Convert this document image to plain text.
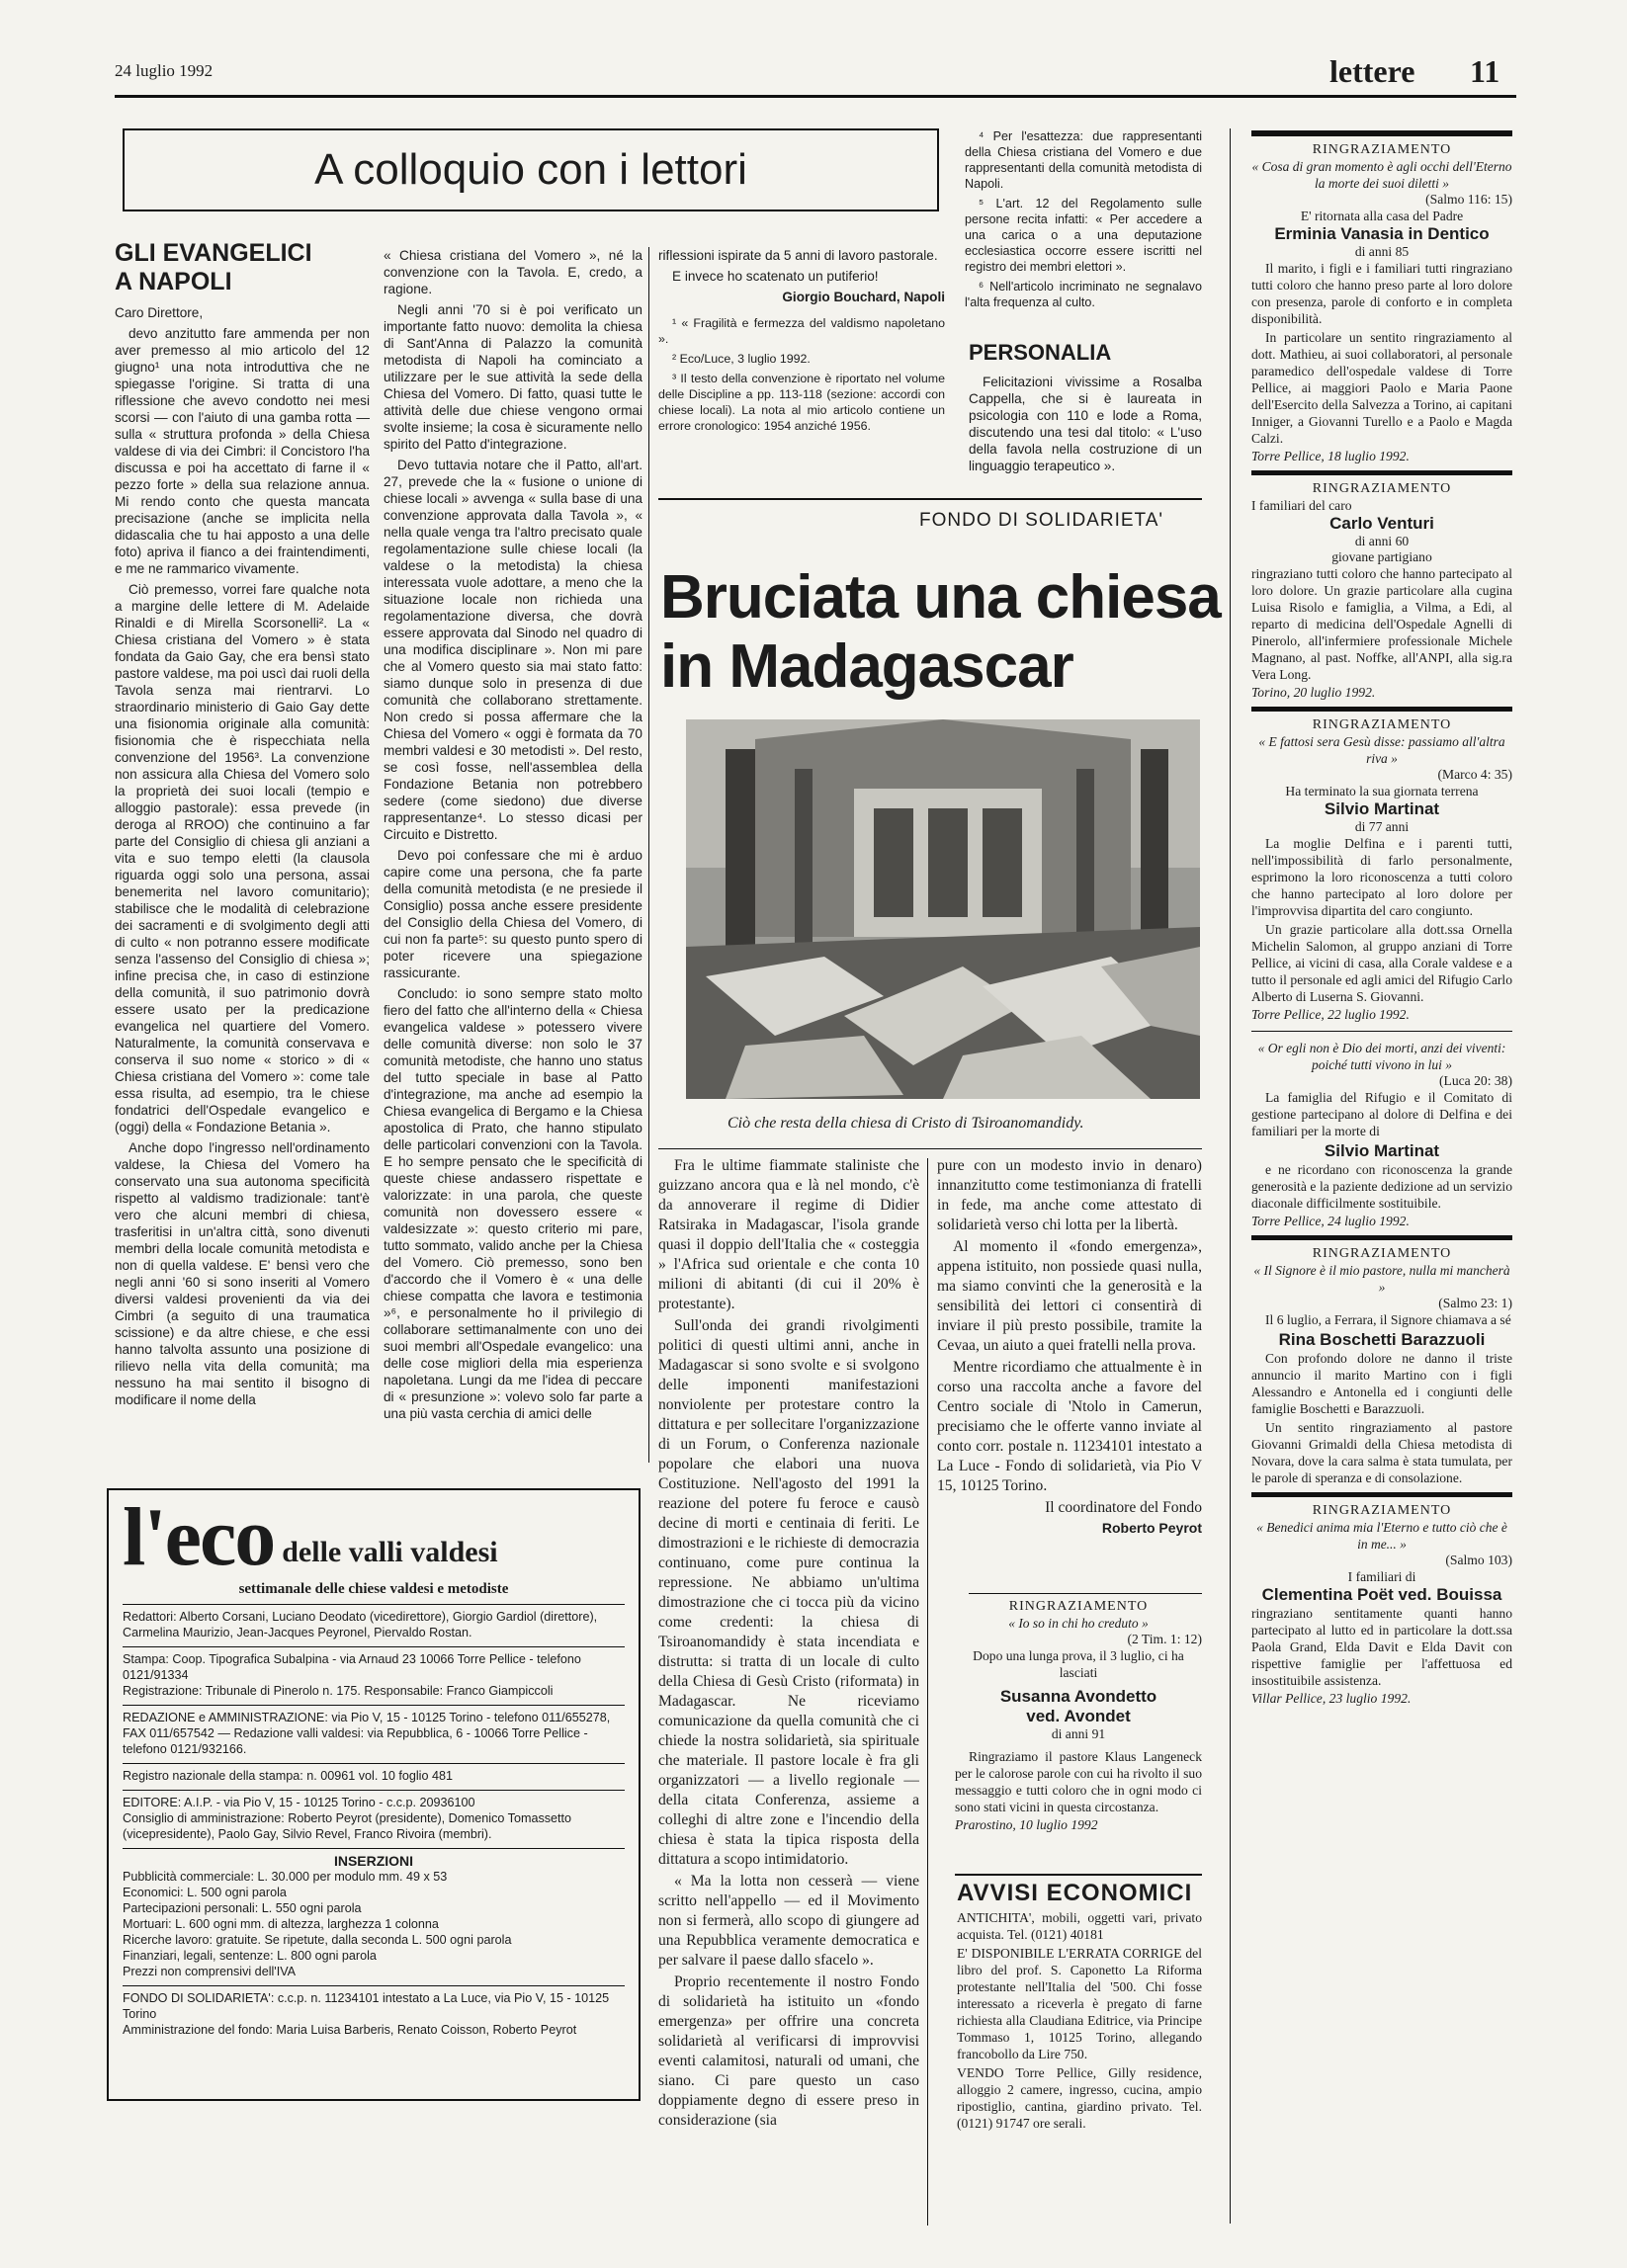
24 luglio 1992	lettere 11
A colloquio con i lettori
GLI EVANGELICI
A NAPOLI

Caro Direttore,

devo anzitutto fare ammenda per non aver premesso al mio articolo del 12 giugno¹ una nota introduttiva che ne spiegasse l'origine. Si tratta di una riflessione che avevo condotto nei mesi scorsi — con l'aiuto di una gamba rotta — sulla « struttura profonda » della Chiesa valdese di via dei Cimbri: il Concistoro l'ha discussa e poi ha accettato di farne il « pezzo forte » della sua relazione annua. Mi rendo conto che questa mancata precisazione (anche se implicita nella didascalia che tu hai apposto a una delle foto) apriva il fianco a dei fraintendimenti, e me ne rammarico vivamente.

Ciò premesso, vorrei fare qualche nota a margine delle lettere di M. Adelaide Rinaldi e di Mirella Scorsonelli². La « Chiesa cristiana del Vomero » è stata fondata da Gaio Gay, che era bensì stato pastore valdese, ma poi uscì dai ruoli della Tavola senza mai rientrarvi. Lo straordinario ministerio di Gaio Gay dette una fisionomia originale alla comunità: fisionomia che è rispecchiata nella convenzione del 1956³. La convenzione non assicura alla Chiesa del Vomero solo la proprietà dei suoi locali (tempio e alloggio pastorale): essa prevede (in deroga al RROO) che continuino a far parte del Consiglio di chiesa gli anziani a vita e suo tempo eletti (la clausola riguarda oggi solo una persona, assai benemerita nel lavoro comunitario); stabilisce che le modalità di celebrazione dei sacramenti e di svolgimento degli atti di culto « non potranno essere modificate senza l'assenso del Consiglio di chiesa »; infine precisa che, in caso di estinzione della comunità, il suo patrimonio dovrà essere usato per la predicazione evangelica nel quartiere del Vomero. Naturalmente, la comunità conservava e conserva il suo nome « storico » di « Chiesa cristiana del Vomero »: come tale essa risulta, ad esempio, tra le chiese fondatrici dell'Ospedale evangelico e (oggi) della « Fondazione Betania ».

Anche dopo l'ingresso nell'ordinamento valdese, la Chiesa del Vomero ha conservato una sua autonoma specificità rispetto al valdismo tradizionale: tant'è vero che alcuni membri di chiesa, trasferitisi in un'altra città, sono divenuti membri della locale comunità metodista e non di quella valdese. E' bensì vero che negli anni '60 si sono inseriti al Vomero diversi valdesi provenienti da via dei Cimbri (a seguito di una traumatica scissione) e da altre chiese, e che essi hanno talvolta assunto una posizione di rilievo nella vita della comunità; ma nessuno ha mai sentito il bisogno di modificare il nome della

« Chiesa cristiana del Vomero », né la convenzione con la Tavola. E, credo, a ragione.

Negli anni '70 si è poi verificato un importante fatto nuovo: demolita la chiesa di Sant'Anna di Palazzo la comunità metodista di Napoli ha cominciato a utilizzare per le sue attività la sede della Chiesa del Vomero. Di fatto, quasi tutte le attività delle due chiese vengono ormai svolte insieme; la cosa è sicuramente nello spirito del Patto d'integrazione.

Devo tuttavia notare che il Patto, all'art. 27, prevede che la « fusione o unione di chiese locali » avvenga « sulla base di una convenzione approvata dalla Tavola », « nella quale venga tra l'altro precisato quale regolamentazione sulle chiese locali (la valdese o la metodista) la chiesa interessata vuole adottare, a meno che la situazione locale non richieda una regolamentazione diversa, che dovrà essere approvata dal Sinodo nel quadro di una modifica disciplinare ». Non mi pare che al Vomero questo sia mai stato fatto: siamo dunque solo in presenza di due comunità che collaborano strettamente. Non credo si possa affermare che la Chiesa del Vomero « oggi è formata da 70 membri valdesi e 30 metodisti ». Del resto, se così fosse, nell'assemblea della Fondazione Betania non potrebbero sedere (come siedono) due diverse rappresentanze⁴. Lo stesso dicasi per Circuito e Distretto.

Devo poi confessare che mi è arduo capire come una persona, che fa parte della comunità metodista (e ne presiede il Consiglio) possa anche essere presidente del Consiglio della Chiesa del Vomero, di cui non fa parte⁵: su questo punto spero di poter ricevere una spiegazione rassicurante.

Concludo: io sono sempre stato molto fiero del fatto che all'interno della « Chiesa evangelica valdese » potessero vivere delle comunità diverse: non solo le 37 comunità metodiste, che hanno uno status del tutto speciale in base al Patto d'integrazione, ma anche ad esempio la Chiesa evangelica di Bergamo e la Chiesa apostolica di Prato, che hanno stipulato delle particolari convenzioni con la Tavola. E ho sempre pensato che le specificità di queste chiese andassero rispettate e valorizzate: in una parola, che queste comunità non dovessero essere « valdesizzate »: questo criterio mi pare, tutto sommato, valido anche per la Chiesa del Vomero. Ciò premesso, sono ben d'accordo che il Vomero è « una delle chiese compatta che lavora e testimonia »⁶, e personalmente ho il privilegio di collaborare settimanalmente con uno dei suoi membri all'Ospedale evangelico: una delle cose migliori della mia esperienza napoletana. Lungi da me l'idea di peccare di « presunzione »: volevo solo far parte a una più vasta cerchia di amici delle

riflessioni ispirate da 5 anni di lavoro pastorale.

E invece ho scatenato un putiferio!

Giorgio Bouchard, Napoli

¹ « Fragilità e fermezza del valdismo napoletano ».

² Eco/Luce, 3 luglio 1992.

³ Il testo della convenzione è riportato nel volume delle Discipline a pp. 113-118 (sezione: accordi con chiese locali). La nota al mio articolo contiene un errore cronologico: 1954 anziché 1956.

⁴ Per l'esattezza: due rappresentanti della Chiesa cristiana del Vomero e due rappresentanti della comunità metodista di Napoli.

⁵ L'art. 12 del Regolamento sulle persone recita infatti: « Per accedere a una carica o a una deputazione ecclesiastica occorre essere iscritti nel registro dei membri elettori ».

⁶ Nell'articolo incriminato ne segnalavo l'alta frequenza al culto.

PERSONALIA

Felicitazioni vivissime a Rosalba Cappella, che si è laureata in psicologia con 110 e lode a Roma, discutendo una tesi dal titolo: « L'uso della favola nella costruzione di un linguaggio terapeutico ».

FONDO DI SOLIDARIETA'
Bruciata una chiesa
in Madagascar
Ciò che resta della chiesa di Cristo di Tsiroanomandidy.

Fra le ultime fiammate staliniste che guizzano ancora qua e là nel mondo, c'è da annoverare il regime di Didier Ratsiraka in Madagascar, l'isola grande quasi il doppio dell'Italia che « costeggia » l'Africa sud orientale e che conta 10 milioni di abitanti (di cui il 20% è protestante).

Sull'onda dei grandi rivolgimenti politici di questi ultimi anni, anche in Madagascar si sono svolte e si svolgono delle imponenti manifestazioni nonviolente per protestare contro la dittatura e per sollecitare l'organizzazione di un Forum, o Conferenza nazionale popolare che elabori una nuova Costituzione. Nell'agosto del 1991 la reazione del potere fu feroce e causò decine di morti e centinaia di feriti. Le dimostrazioni e le richieste di democrazia continuano, come pure continua la repressione. Ne abbiamo un'ultima dimostrazione che ci tocca più da vicino come credenti: la chiesa di Tsiroanomandidy è stata incendiata e distrutta: si tratta di un locale di culto della Chiesa di Gesù Cristo (riformata) in Madagascar. Ne riceviamo comunicazione da quella comunità che ci chiede la nostra solidarietà, sia spirituale che materiale. Il pastore locale è fra gli organizzatori — a livello regionale — della citata Conferenza, assieme a colleghi di altre zone e l'incendio della chiesa è stata la tipica risposta della dittatura a scopo intimidatorio.

« Ma la lotta non cesserà — viene scritto nell'appello — ed il Movimento non si fermerà, allo scopo di giungere ad una Repubblica veramente democratica e per salvare il paese dallo sfacelo ».

Proprio recentemente il nostro Fondo di solidarietà ha istituito un «fondo emergenza» per offrire una concreta solidarietà al verificarsi di improvvisi eventi calamitosi, naturali od umani, che siano. Ci pare questo un caso doppiamente degno di essere preso in considerazione (sia

pure con un modesto invio in denaro) innanzitutto come testimonianza di fratelli in fede, ma anche come attestato di solidarietà verso chi lotta per la libertà.

Al momento il «fondo emergenza», appena istituito, non possiede quasi nulla, ma siamo convinti che la generosità e la sensibilità dei lettori ci consentirà di inviare il più presto possibile, tramite la Cevaa, un aiuto a quei fratelli nella prova.

Mentre ricordiamo che attualmente è in corso una raccolta anche a favore del Centro sociale di 'Ntolo in Camerun, precisiamo che le offerte vanno inviate al conto corr. postale n. 11234101 intestato a La Luce - Fondo di solidarietà, via Pio V 15, 10125 Torino.

Il coordinatore del Fondo
Roberto Peyrot
RINGRAZIAMENTO
« Io so in chi ho creduto »
(2 Tim. 1: 12)
Dopo una lunga prova, il 3 luglio, ci ha lasciati
Susanna Avondetto
ved. Avondet
di anni 91

Ringraziamo il pastore Klaus Langeneck per le calorose parole con cui ha rivolto il suo messaggio e tutti coloro che in ogni modo ci sono stati vicini in questa circostanza.

Prarostino, 10 luglio 1992
AVVISI ECONOMICI

ANTICHITA', mobili, oggetti vari, privato acquista. Tel. (0121) 40181

E' DISPONIBILE L'ERRATA CORRIGE del libro del prof. S. Caponetto La Riforma protestante nell'Italia del '500. Chi fosse interessato a riceverla è pregato di farne richiesta alla Claudiana Editrice, via Principe Tommaso 1, 10125 Torino, allegando francobollo da Lire 750.

VENDO Torre Pellice, Gilly residence, alloggio 2 camere, ingresso, cucina, ampio ripostiglio, cantina, giardino privato. Tel. (0121) 91747 ore serali.

RINGRAZIAMENTO
« Cosa di gran momento è agli occhi dell'Eterno la morte dei suoi diletti »
(Salmo 116: 15)
E' ritornata alla casa del Padre
Erminia Vanasia in Dentico
di anni 85

Il marito, i figli e i familiari tutti ringraziano tutti coloro che hanno preso parte al loro dolore con presenza, parole di conforto e in completa disponibilità.

In particolare un sentito ringraziamento al dott. Mathieu, ai suoi collaboratori, al personale paramedico dell'ospedale valdese di Torre Pellice, ai maggiori Paolo e Maria Paone dell'Esercito della Salvezza a Torino, ai capitani Inniger, a Giovanni Turello e a Paolo e Magda Calzi.

Torre Pellice, 18 luglio 1992.
RINGRAZIAMENTO
I familiari del caro
Carlo Venturi
di anni 60
giovane partigiano

ringraziano tutti coloro che hanno partecipato al loro dolore. Un grazie particolare alla cugina Luisa Risolo e famiglia, a Vilma, a Edi, al reparto di medicina dell'Ospedale Agnelli di Pinerolo, all'infermiere professionale Michele Magnano, al past. Noffke, all'ANPI, alla sig.ra Vera Long.

Torino, 20 luglio 1992.
RINGRAZIAMENTO
« E fattosi sera Gesù disse: passiamo all'altra riva »
(Marco 4: 35)
Ha terminato la sua giornata terrena
Silvio Martinat
di 77 anni

La moglie Delfina e i parenti tutti, nell'impossibilità di farlo personalmente, esprimono la loro riconoscenza a tutti coloro che hanno partecipato al loro dolore per l'improvvisa dipartita del caro congiunto.

Un grazie particolare alla dott.ssa Ornella Michelin Salomon, al gruppo anziani di Torre Pellice, ai vicini di casa, alla Corale valdese e a tutto il personale ed agli amici del Rifugio Carlo Alberto di Luserna S. Giovanni.

Torre Pellice, 22 luglio 1992.
« Or egli non è Dio dei morti, anzi dei viventi: poiché tutti vivono in lui »
(Luca 20: 38)

La famiglia del Rifugio e il Comitato di gestione partecipano al dolore di Delfina e dei familiari per la morte di

Silvio Martinat

e ne ricordano con riconoscenza la grande generosità e la paziente dedizione ad un servizio diaconale difficilmente sostituibile.

Torre Pellice, 24 luglio 1992.
RINGRAZIAMENTO
« Il Signore è il mio pastore, nulla mi mancherà »
(Salmo 23: 1)

Il 6 luglio, a Ferrara, il Signore chiamava a sé

Rina Boschetti Barazzuoli

Con profondo dolore ne danno il triste annuncio il marito Martino con i figli Alessandro e Antonella ed i congiunti delle famiglie Boschetti e Barazzuoli.

Un sentito ringraziamento al pastore Giovanni Grimaldi della Chiesa metodista di Novara, dove la cara salma è stata tumulata, per le parole di speranza e di consolazione.

RINGRAZIAMENTO
« Benedici anima mia l'Eterno e tutto ciò che è in me... »
(Salmo 103)
I familiari di
Clementina Poët ved. Bouissa

ringraziano sentitamente quanti hanno partecipato al lutto ed in particolare la dott.ssa Paola Grand, Elda Davit e Elda Davit con rispettive famiglie per l'affettuosa ed insostituibile assistenza.

Villar Pellice, 23 luglio 1992.
l'eco delle valli valdesi
settimanale delle chiese valdesi e metodiste

Redattori: Alberto Corsani, Luciano Deodato (vicedirettore), Giorgio Gardiol (direttore), Carmelina Maurizio, Jean-Jacques Peyronel, Piervaldo Rostan.

Stampa: Coop. Tipografica Subalpina - via Arnaud 23 10066 Torre Pellice - telefono 0121/91334

Registrazione: Tribunale di Pinerolo n. 175. Responsabile: Franco Giampiccoli

REDAZIONE e AMMINISTRAZIONE: via Pio V, 15 - 10125 Torino - telefono 011/655278, FAX 011/657542 — Redazione valli valdesi: via Repubblica, 6 - 10066 Torre Pellice - telefono 0121/932166.

Registro nazionale della stampa: n. 00961 vol. 10 foglio 481

EDITORE: A.I.P. - via Pio V, 15 - 10125 Torino - c.c.p. 20936100

Consiglio di amministrazione: Roberto Peyrot (presidente), Domenico Tomassetto (vicepresidente), Paolo Gay, Silvio Revel, Franco Rivoira (membri).

INSERZIONI

Pubblicità commerciale: L. 30.000 per modulo mm. 49 x 53

Economici: L. 500 ogni parola

Partecipazioni personali: L. 550 ogni parola

Mortuari: L. 600 ogni mm. di altezza, larghezza 1 colonna

Ricerche lavoro: gratuite. Se ripetute, dalla seconda L. 500 ogni parola

Finanziari, legali, sentenze: L. 800 ogni parola

Prezzi non comprensivi dell'IVA

FONDO DI SOLIDARIETA': c.c.p. n. 11234101 intestato a La Luce, via Pio V, 15 - 10125 Torino

Amministrazione del fondo: Maria Luisa Barberis, Renato Coisson, Roberto Peyrot
